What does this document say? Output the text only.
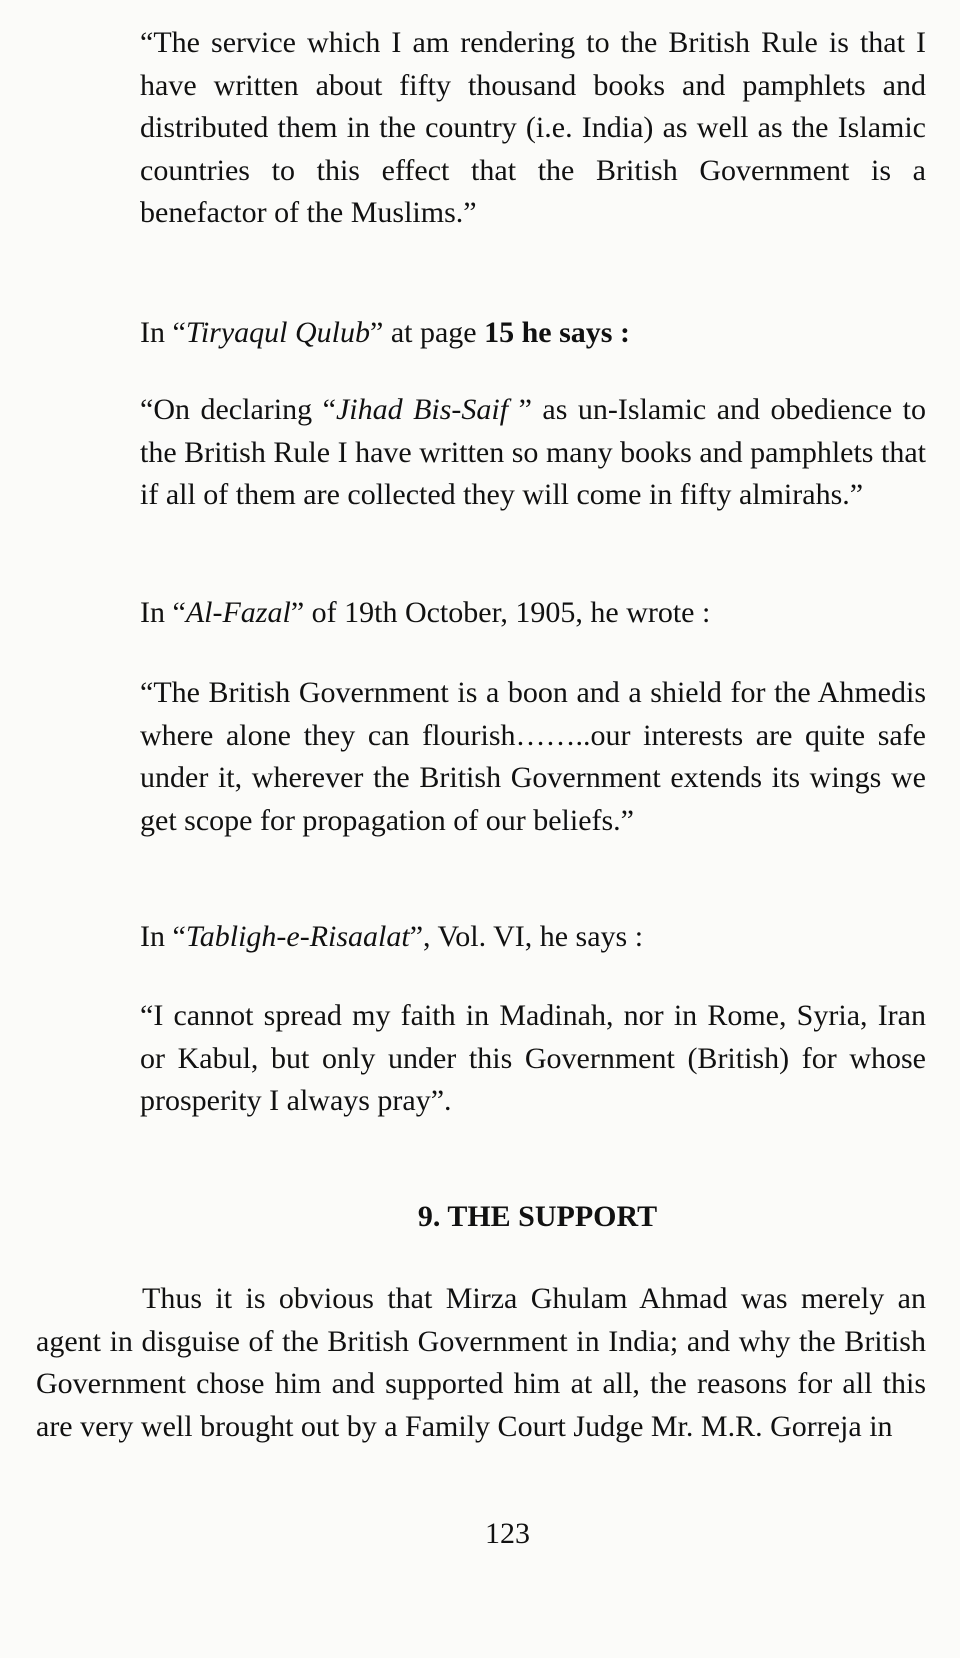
“The service which I am rendering to the British Rule is that I have written about fifty thousand books and pamphlets and distributed them in the country (i.e. India) as well as the Islamic countries to this effect that the British Government is a benefactor of the Muslims.”

In “Tiryaqul Qulub” at page 15 he says :

“On declaring “Jihad Bis-Saif ” as un-Islamic and obedience to the British Rule I have written so many books and pamphlets that if all of them are collected they will come in fifty almirahs.”

In “Al-Fazal” of 19th October, 1905, he wrote :

“The British Government is a boon and a shield for the Ahmedis where alone they can flourish……..our interests are quite safe under it, wherever the British Government extends its wings we get scope for propagation of our beliefs.”

In “Tabligh-e-Risaalat”, Vol. VI, he says :

“I cannot spread my faith in Madinah, nor in Rome, Syria, Iran or Kabul, but only under this Government (British) for whose prosperity I always pray”.

9. THE SUPPORT

Thus it is obvious that Mirza Ghulam Ahmad was merely an agent in disguise of the British Government in India; and why the British Government chose him and supported him at all, the reasons for all this are very well brought out by a Family Court Judge Mr. M.R. Gorreja in

123
